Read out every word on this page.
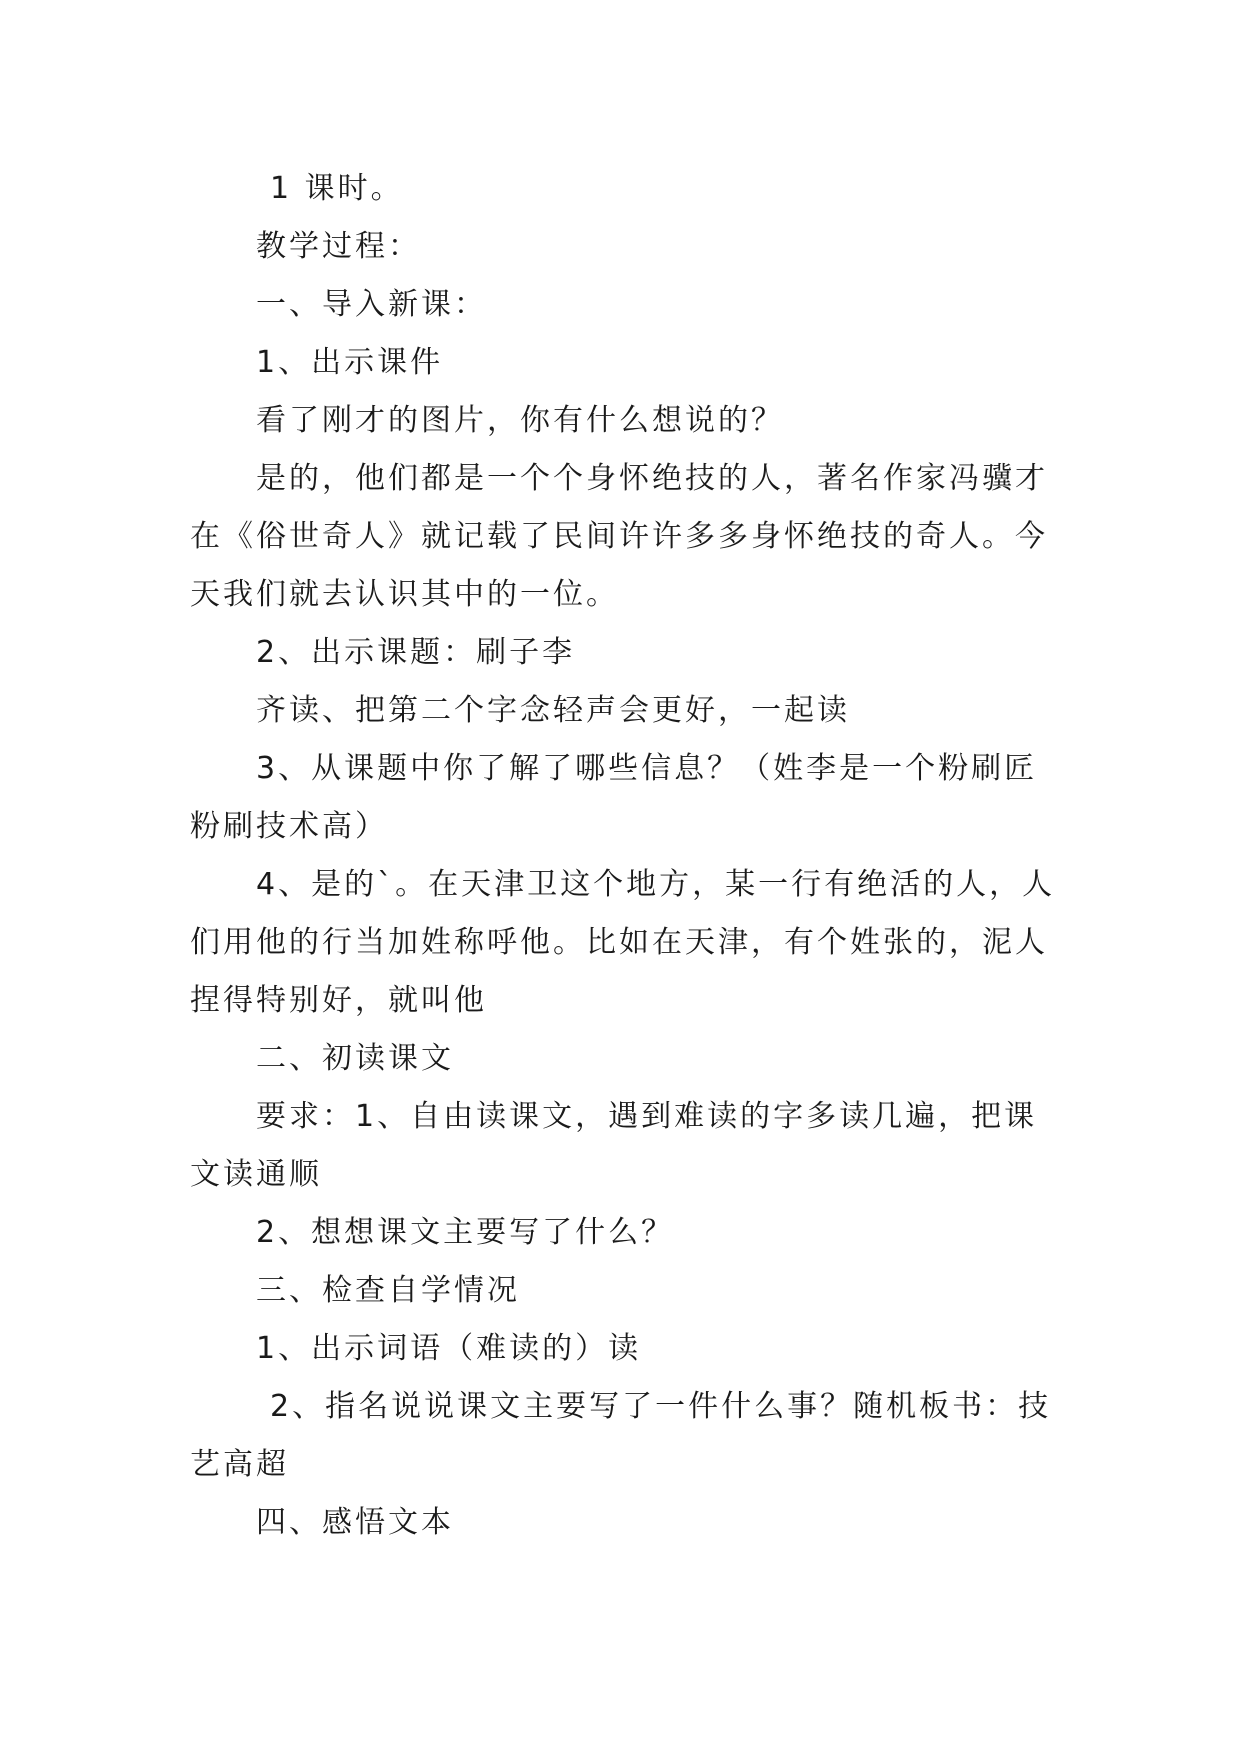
1 课时。

教学过程：

一、导入新课：

1、出示课件

看了刚才的图片，你有什么想说的？

是的，他们都是一个个身怀绝技的人，著名作家冯骥才在《俗世奇人》就记载了民间许许多多身怀绝技的奇人。今天我们就去认识其中的一位。

2、出示课题：刷子李

齐读、把第二个字念轻声会更好，一起读

3、从课题中你了解了哪些信息？（姓李是一个粉刷匠粉刷技术高）

4、是的`。在天津卫这个地方，某一行有绝活的人，人们用他的行当加姓称呼他。比如在天津，有个姓张的，泥人捏得特别好，就叫他

二、初读课文

要求：1、自由读课文，遇到难读的字多读几遍，把课文读通顺

2、想想课文主要写了什么？

三、检查自学情况

1、出示词语（难读的）读

2、指名说说课文主要写了一件什么事？随机板书：技艺高超

四、感悟文本
